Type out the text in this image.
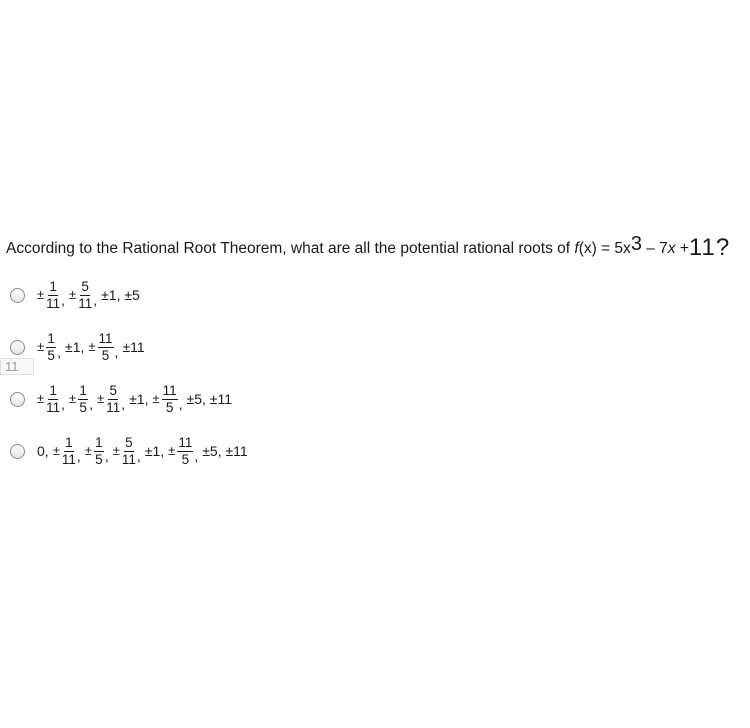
According to the Rational Root Theorem, what are all the potential rational roots of $f(x) = 5x^3 - 7x +11$?
± $\frac{1}{11}$ , ± $\frac{5}{11}$ , ±1, ±5
± $\frac{1}{5}$ , ±1, ± $\frac{11}{5}$ , ±11
11
± $\frac{1}{11}$ , ± $\frac{1}{5}$ , ± $\frac{5}{11}$ , ±1, ± $\frac{11}{5}$ , ±5, ±11
0, ± $\frac{1}{11}$ , ± $\frac{1}{5}$ , ± $\frac{5}{11}$ , ±1, ± $\frac{11}{5}$ , ±5, ±11
